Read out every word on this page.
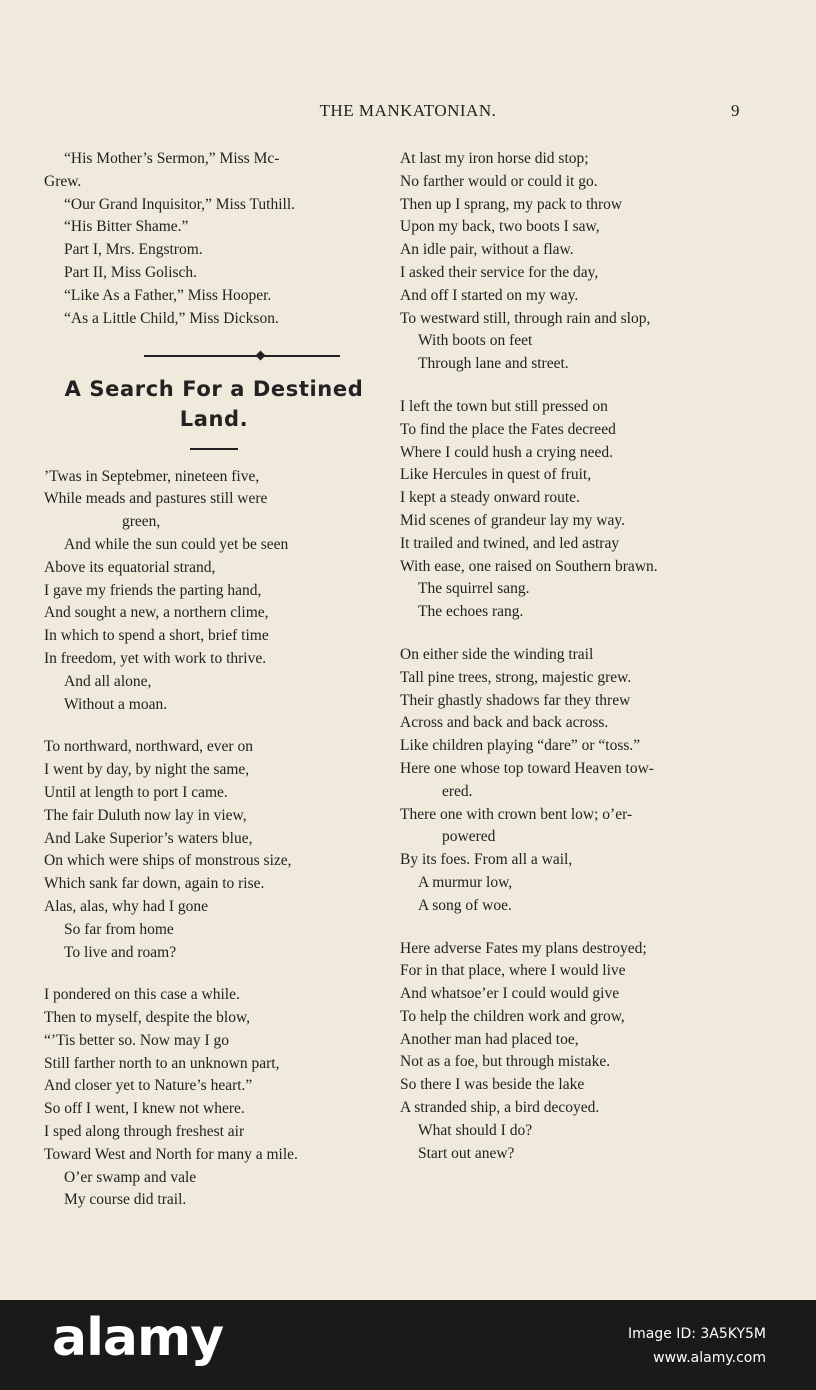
THE MANKATONIAN.	9
“His Mother’s Sermon,” Miss Mc-
Grew.
“Our Grand Inquisitor,” Miss Tuthill.
“His Bitter Shame.”
Part I, Mrs. Engstrom.
Part II, Miss Golisch.
“Like As a Father,” Miss Hooper.
“As a Little Child,” Miss Dickson.
A Search For a Destined
Land.
’Twas in Septebmer, nineteen five,
While meads and pastures still were
green,
And while the sun could yet be seen
Above its equatorial strand,
I gave my friends the parting hand,
And sought a new, a northern clime,
In which to spend a short, brief time
In freedom, yet with work to thrive.
And all alone,
Without a moan.
To northward, northward, ever on
I went by day, by night the same,
Until at length to port I came.
The fair Duluth now lay in view,
And Lake Superior’s waters blue,
On which were ships of monstrous size,
Which sank far down, again to rise.
Alas, alas, why had I gone
So far from home
To live and roam?
I pondered on this case a while.
Then to myself, despite the blow,
“’Tis better so. Now may I go
Still farther north to an unknown part,
And closer yet to Nature’s heart.”
So off I went, I knew not where.
I sped along through freshest air
Toward West and North for many a mile.
O’er swamp and vale
My course did trail.
At last my iron horse did stop;
No farther would or could it go.
Then up I sprang, my pack to throw
Upon my back, two boots I saw,
An idle pair, without a flaw.
I asked their service for the day,
And off I started on my way.
To westward still, through rain and slop,
With boots on feet
Through lane and street.
I left the town but still pressed on
To find the place the Fates decreed
Where I could hush a crying need.
Like Hercules in quest of fruit,
I kept a steady onward route.
Mid scenes of grandeur lay my way.
It trailed and twined, and led astray
With ease, one raised on Southern brawn.
The squirrel sang.
The echoes rang.
On either side the winding trail
Tall pine trees, strong, majestic grew.
Their ghastly shadows far they threw
Across and back and back across.
Like children playing “dare” or “toss.”
Here one whose top toward Heaven tow-
ered.
There one with crown bent low; o’er-
powered
By its foes. From all a wail,
A murmur low,
A song of woe.
Here adverse Fates my plans destroyed;
For in that place, where I would live
And whatsoe’er I could would give
To help the children work and grow,
Another man had placed toe,
Not as a foe, but through mistake.
So there I was beside the lake
A stranded ship, a bird decoyed.
What should I do?
Start out anew?
alamy	Image ID: 3A5KY5M
www.alamy.com
